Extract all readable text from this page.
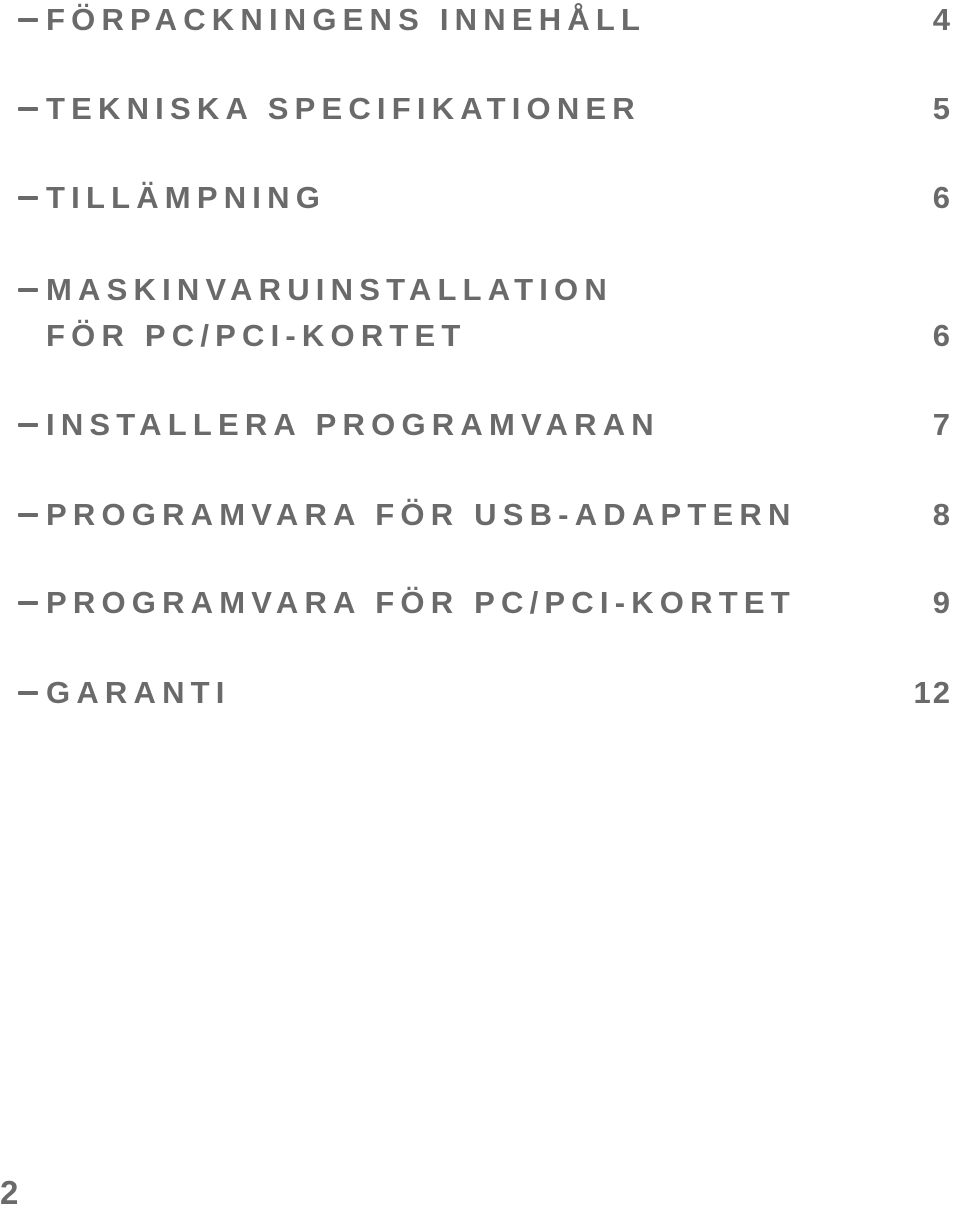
FÖRPACKNINGENS INNEHÅLL	4
TEKNISKA SPECIFIKATIONER	5
TILLÄMPNING	6
MASKINVARUINSTALLATION
FÖR PC/PCI-KORTET	6
INSTALLERA PROGRAMVARAN	7
PROGRAMVARA FÖR USB-ADAPTERN	8
PROGRAMVARA FÖR PC/PCI-KORTET	9
GARANTI	12
2
